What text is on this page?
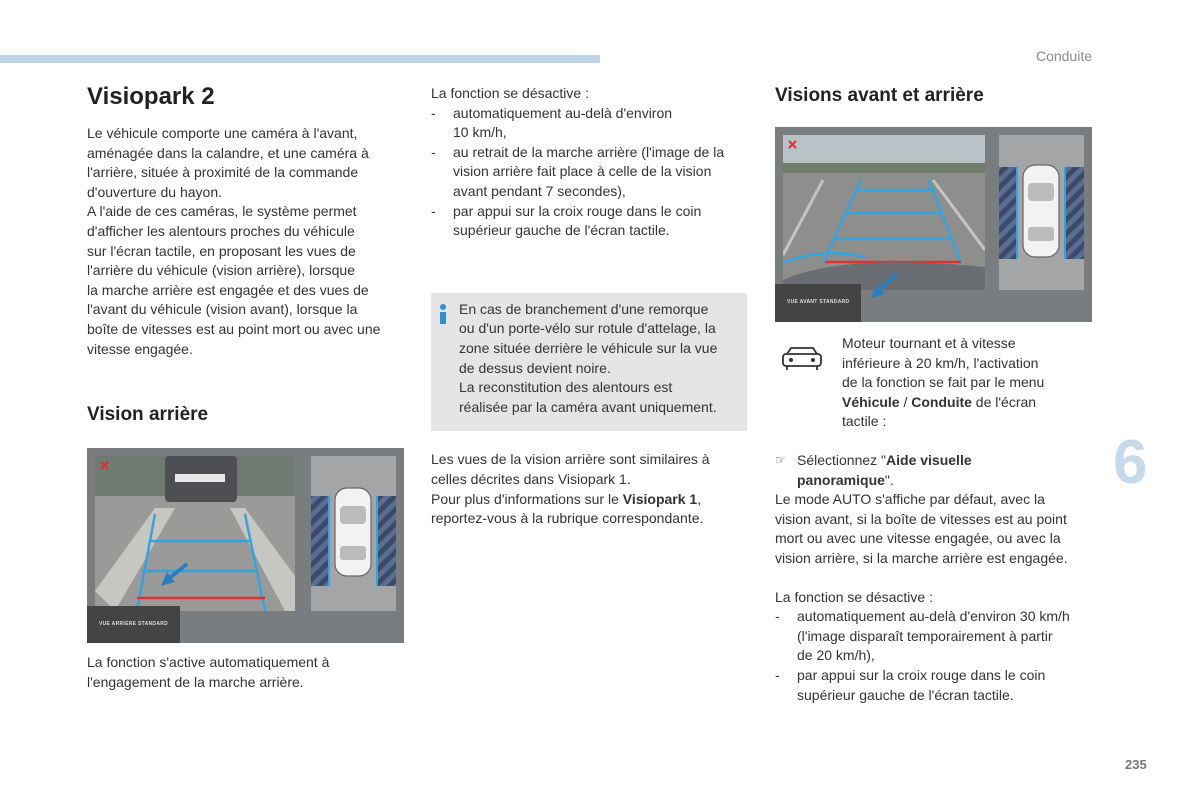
Conduite
Visiopark 2

Le véhicule comporte une caméra à l'avant,
aménagée dans la calandre, et une caméra à
l'arrière, située à proximité de la commande
d'ouverture du hayon.
A l'aide de ces caméras, le système permet
d'afficher les alentours proches du véhicule
sur l'écran tactile, en proposant les vues de
l'arrière du véhicule (vision arrière), lorsque
la marche arrière est engagée et des vues de
l'avant du véhicule (vision avant), lorsque la
boîte de vitesses est au point mort ou avec une
vitesse engagée.

Vision arrière
VUE ARRIERE STANDARD

La fonction s'active automatiquement à
l'engagement de la marche arrière.

La fonction se désactive :

- automatiquement au-delà d'environ
10 km/h,
- au retrait de la marche arrière (l'image de la
vision arrière fait place à celle de la vision
avant pendant 7 secondes),
- par appui sur la croix rouge dans le coin
supérieur gauche de l'écran tactile.

En cas de branchement d'une remorque
ou d'un porte-vélo sur rotule d'attelage, la
zone située derrière le véhicule sur la vue
de dessus devient noire.
La reconstitution des alentours est
réalisée par la caméra avant uniquement.

Les vues de la vision arrière sont similaires à
celles décrites dans Visiopark 1.
Pour plus d'informations sur le Visiopark 1,
reportez-vous à la rubrique correspondante.

Visions avant et arrière
VUE AVANT STANDARD

Moteur tournant et à vitesse
inférieure à 20 km/h, l'activation
de la fonction se fait par le menu
Véhicule / Conduite de l'écran
tactile :

☞ Sélectionnez "Aide visuelle
panoramique".

Le mode AUTO s'affiche par défaut, avec la
vision avant, si la boîte de vitesses est au point
mort ou avec une vitesse engagée, ou avec la
vision arrière, si la marche arrière est engagée.

La fonction se désactive :

- automatiquement au-delà d'environ 30 km/h
(l'image disparaît temporairement à partir
de 20 km/h),
- par appui sur la croix rouge dans le coin
supérieur gauche de l'écran tactile.
6
235
